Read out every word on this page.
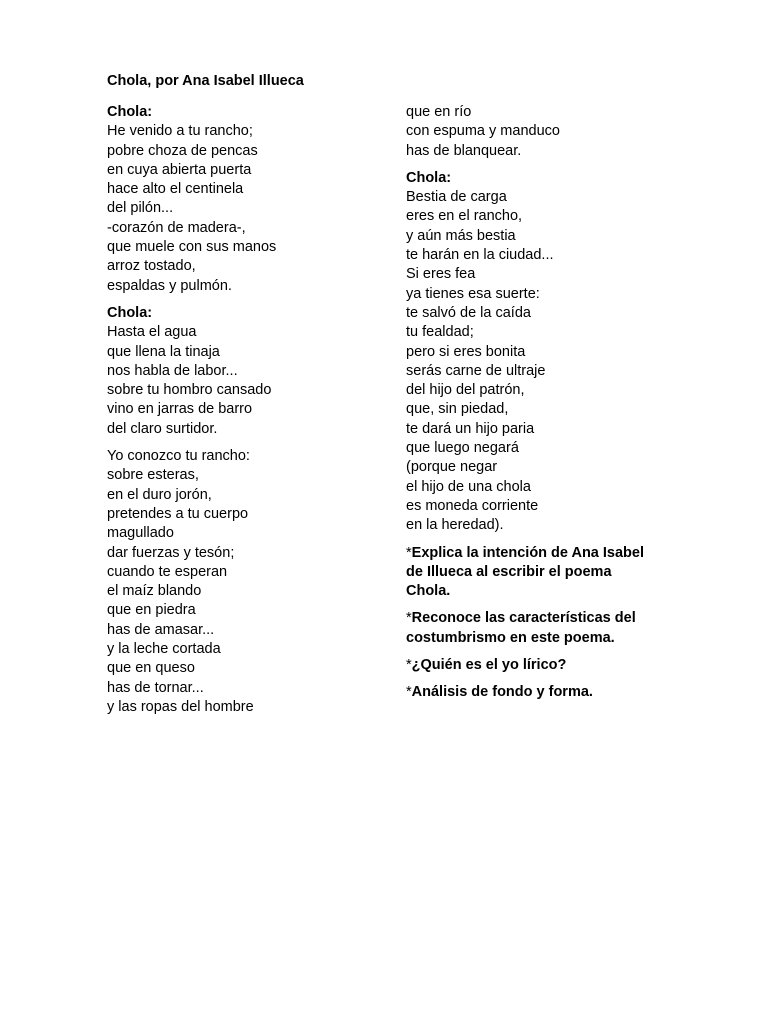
Chola, por Ana Isabel Illueca
Chola:
He venido a tu rancho;
pobre choza de pencas
en cuya abierta puerta
hace alto el centinela
del pilón...
-corazón de madera-,
que muele con sus manos
arroz tostado,
espaldas y pulmón.
Chola:
Hasta el agua
que llena la tinaja
nos habla de labor...
sobre tu hombro cansado
vino en jarras de barro
del claro surtidor.
Yo conozco tu rancho:
sobre esteras,
en el duro jorón,
pretendes a tu cuerpo
magullado
dar fuerzas y tesón;
cuando te esperan
el maíz blando
que en piedra
has de amasar...
y la leche cortada
que en queso
has de tornar...
y las ropas del hombre
que en río
con espuma y manduco
has de blanquear.
Chola:
Bestia de carga
eres en el rancho,
y aún más bestia
te harán en la ciudad...
Si eres fea
ya tienes esa suerte:
te salvó de la caída
tu fealdad;
pero si eres bonita
serás carne de ultraje
del hijo del patrón,
que, sin piedad,
te dará un hijo paria
que luego negará
(porque negar
el hijo de una chola
es moneda corriente
en la heredad).
*Explica la intención de Ana Isabel
de Illueca al escribir el poema
Chola.
*Reconoce las características del
costumbrismo en este poema.
*¿Quién es el yo lírico?
*Análisis de fondo y forma.
